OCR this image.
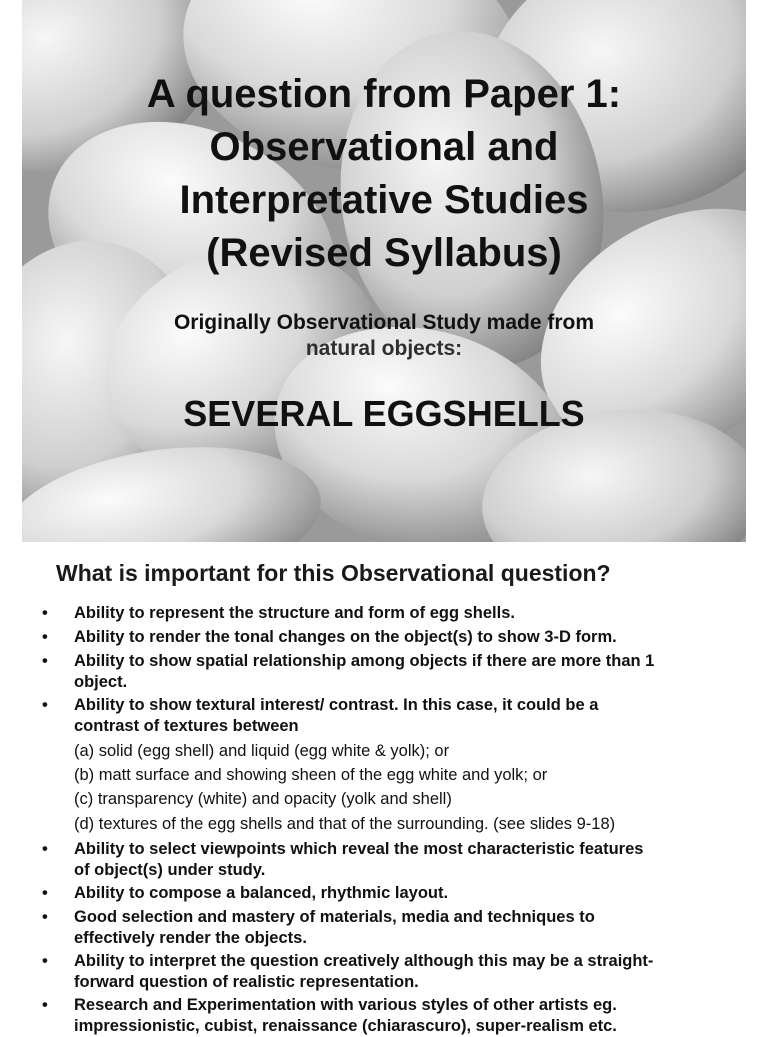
A question from Paper 1:
Observational and
Interpretative Studies
(Revised Syllabus)
Originally Observational Study made from
natural objects:
SEVERAL EGGSHELLS
What is important for this Observational question?
• Ability to represent the structure and form of egg shells.
• Ability to render the tonal changes on the object(s) to show 3-D form.
• Ability to show spatial relationship among objects if there are more than 1
object.
• Ability to show textural interest/ contrast. In this case, it could be a
contrast of textures between
(a) solid (egg shell) and liquid (egg white & yolk); or
(b) matt surface and showing sheen of the egg white and yolk; or
(c) transparency (white) and opacity (yolk and shell)
(d) textures of the egg shells and that of the surrounding. (see slides 9-18)
• Ability to select viewpoints which reveal the most characteristic features
of object(s) under study.
• Ability to compose a balanced, rhythmic layout.
• Good selection and mastery of materials, media and techniques to
effectively render the objects.
• Ability to interpret the question creatively although this may be a straight-
forward question of realistic representation.
• Research and Experimentation with various styles of other artists eg.
impressionistic, cubist, renaissance (chiarascuro), super-realism etc.
